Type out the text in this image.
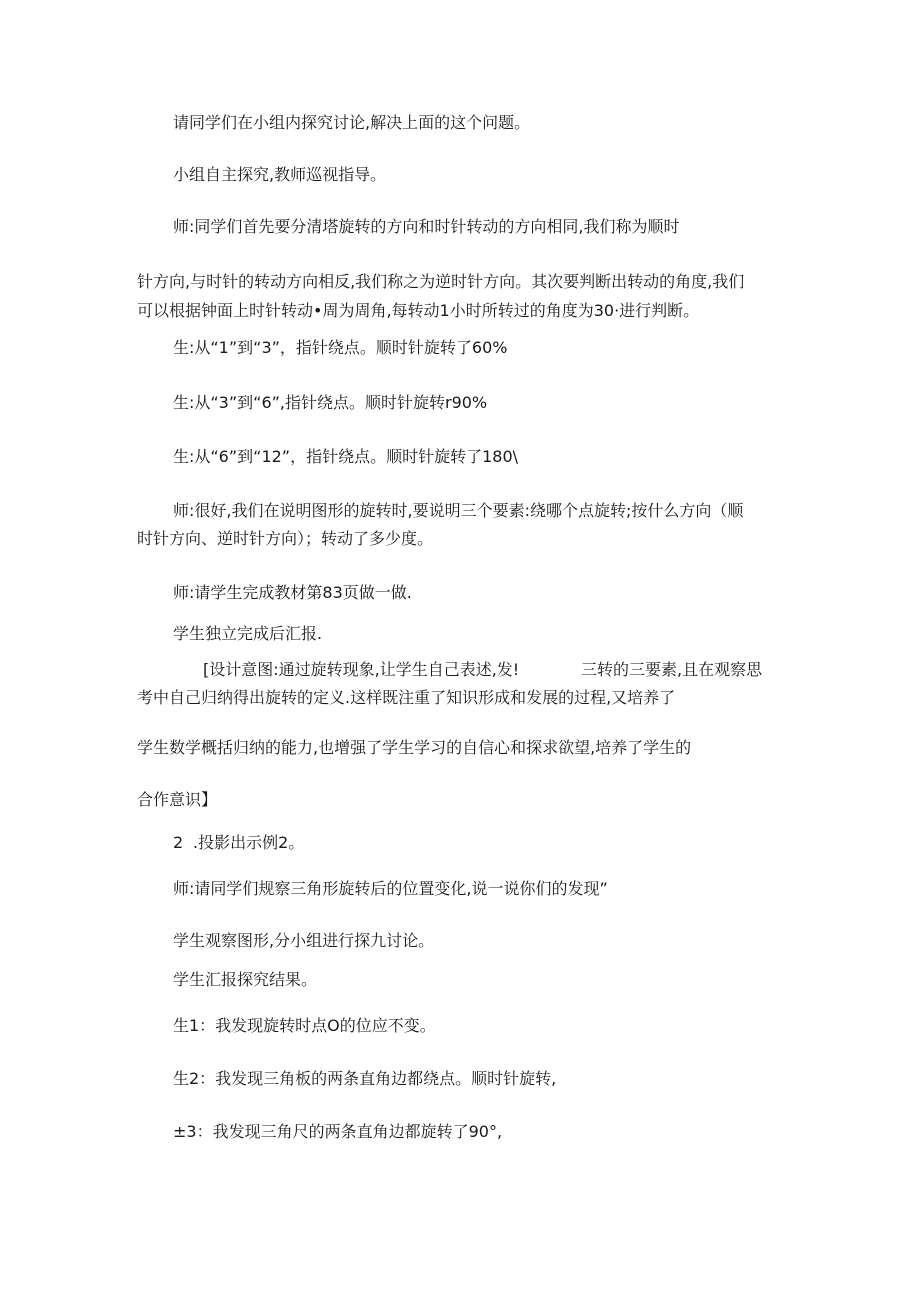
请同学们在小组内探究讨论,解决上面的这个问题。
小组自主探究,教师巡视指导。
师:同学们首先要分清塔旋转的方向和时针转动的方向相同,我们称为顺时
针方向,与时针的转动方向相反,我们称之为逆时针方向。其次要判断出转动的角度,我们
可以根据钟面上时针转动•周为周角,每转动1小时所转过的角度为30·进行判断。
生:从“1”到“3”，指针绕点。顺时针旋转了60%
生:从“3”到“6”,指针绕点。顺时针旋转r90%
生:从“6”到“12”，指针绕点。顺时针旋转了180\
师:很好,我们在说明图形的旋转时,要说明三个要素:绕哪个点旋转;按什么方向（顺
时针方向、逆时针方向）；转动了多少度。
师:请学生完成教材第83页做一做.
学生独立完成后汇报.
[设计意图:通过旋转现象,让学生自己表述,发!	三转的三要素,且在观察思
考中自己归纳得出旋转的定义.这样既注重了知识形成和发展的过程,又培养了
学生数学概括归纳的能力,也增强了学生学习的自信心和探求欲望,培养了学生的
合作意识】
2 .投影出示例2。
师:请同学们规察三角形旋转后的位置变化,说一说你们的发现”
学生观察图形,分小组进行探九讨论。
学生汇报探究结果。
生1：我发现旋转时点O的位应不变。
生2：我发现三角板的两条直角边都绕点。顺时针旋转,
±3：我发现三角尺的两条直角边都旋转了90°,
